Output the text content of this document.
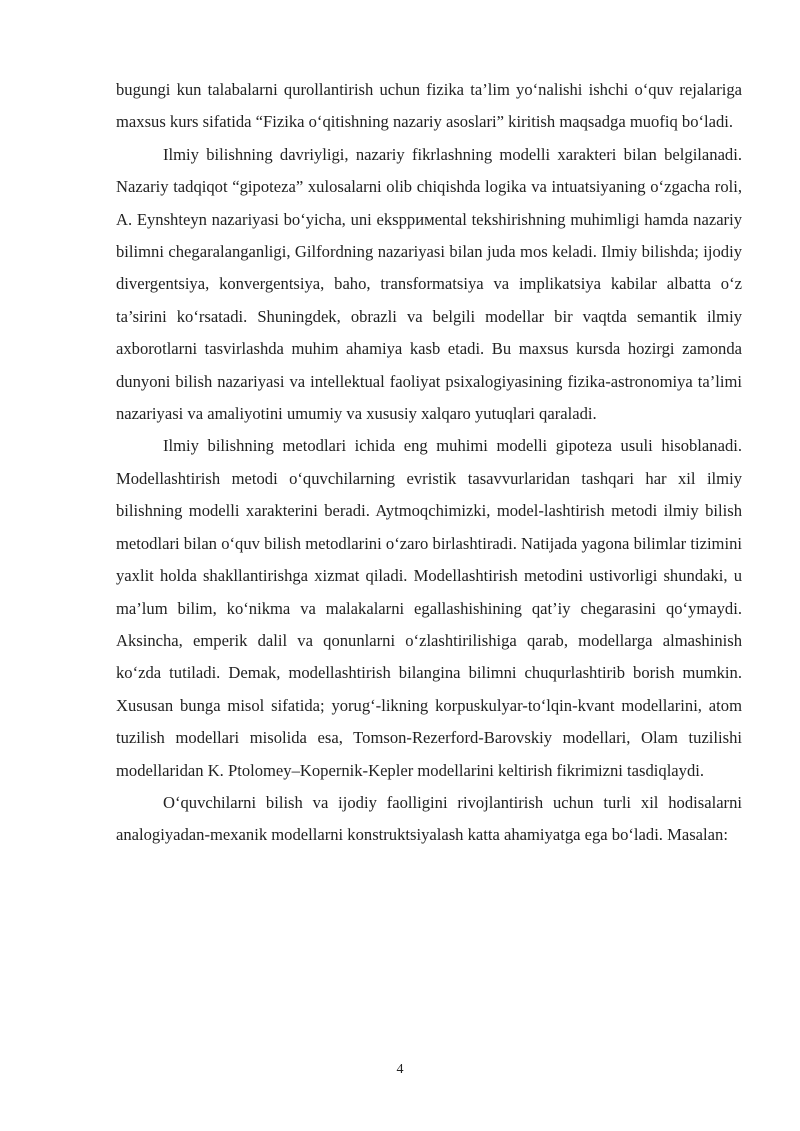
bugungi kun talabalarni qurollantirish uchun fizika ta’lim yo‘nalishi ishchi o‘quv rejalariga maxsus kurs sifatida “Fizika o‘qitishning nazariy asoslari” kiritish maqsadga muofiq bo‘ladi.

Ilmiy bilishning davriyligi, nazariy fikrlashning modelli xarakteri bilan belgilanadi. Nazariy tadqiqot “gipoteza” xulosalarni olib chiqishda logika va intuatsiyaning o‘zgacha roli, A. Eynshteyn nazariyasi bo‘yicha, uni ekspримental tekshirishning muhimligi hamda nazariy bilimni chegaralanganligi, Gilfordning nazariyasi bilan juda mos keladi. Ilmiy bilishda; ijodiy divergentsiya, konvergentsiya, baho, transformatsiya va implikatsiya kabilar albatta o‘z ta’sirini ko‘rsatadi. Shuningdek, obrazli va belgili modellar bir vaqtda semantik ilmiy axborotlarni tasvirlashda muhim ahamiya kasb etadi. Bu maxsus kursda hozirgi zamonda dunyoni bilish nazariyasi va intellektual faoliyat psixalogiyasining fizika-astronomiya ta’limi nazariyasi va amaliyotini umumiy va xususiy xalqaro yutuqlari qaraladi.

Ilmiy bilishning metodlari ichida eng muhimi modelli gipoteza usuli hisoblanadi. Modellashtirish metodi o‘quvchilarning evristik tasavvurlaridan tashqari har xil ilmiy bilishning modelli xarakterini beradi. Aytmoqchimizki, model-lashtirish metodi ilmiy bilish metodlari bilan o‘quv bilish metodlarini o‘zaro birlashtiradi. Natijada yagona bilimlar tizimini yaxlit holda shakllantirishga xizmat qiladi. Modellashtirish metodini ustivorligi shundaki, u ma’lum bilim, ko‘nikma va malakalarni egallashishining qat’iy chegarasini qo‘ymaydi. Aksincha, emperik dalil va qonunlarni o‘zlashtirilishiga qarab, modellarga almashinish ko‘zda tutiladi. Demak, modellashtirish bilangina bilimni chuqurlashtirib borish mumkin. Xususan bunga misol sifatida; yorug‘-likning korpuskulyar-to‘lqin-kvant modellarini, atom tuzilish modellari misolida esa, Tomson-Rezerford-Barovskiy modellari, Olam tuzilishi modellaridan K. Ptolomey–Kopernik-Kepler modellarini keltirish fikrimizni tasdiqlaydi.

O‘quvchilarni bilish va ijodiy faolligini rivojlantirish uchun turli xil hodisalarni analogiyadan-mexanik modellarni konstruktsiyalash katta ahamiyatga ega bo‘ladi. Masalan:

4
